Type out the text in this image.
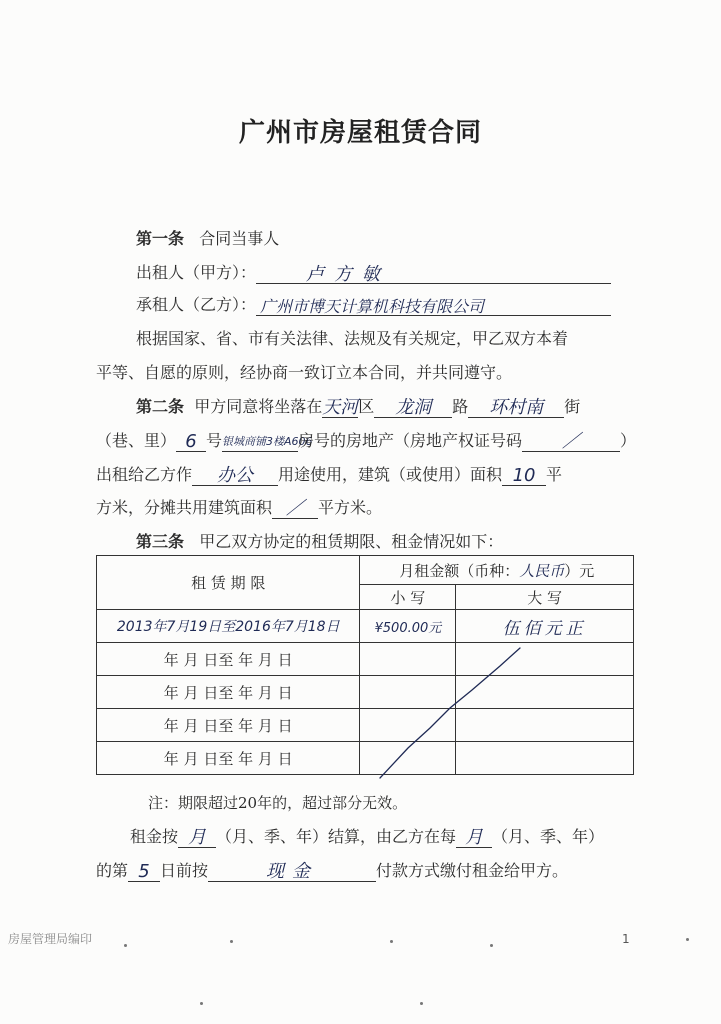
广州市房屋租赁合同
第一条 合同当事人
出租人（甲方）：	卢方敏
承租人（乙方）： 广州市博天计算机科技有限公司
根据国家、省、市有关法律、法规及有关规定，甲乙双方本着
平等、自愿的原则，经协商一致订立本合同，并共同遵守。
第二条 甲方同意将坐落在天河区 龙洞 路 环村南 街
（巷、里） 6 号银城商铺3楼A606房号的房地产（房地产权证号码 ／	）
出租给乙方作 办公 用途使用，建筑（或使用）面积 10 平
方米，分摊共用建筑面积 ／ 平方米。
第三条 甲乙双方协定的租赁期限、租金情况如下：
租 赁 期 限	月租金额（币种：人民币）元	
	小 写	大 写
2013年7月19日至2016年7月18日	¥500.00元	伍佰元正
年 月 日至 年 月 日		
年 月 日至 年 月 日		
年 月 日至 年 月 日		
年 月 日至 年 月 日		
注：期限超过20年的，超过部分无效。
租金按 月 （月、季、年）结算，由乙方在每 月 （月、季、年）
的第 5 日前按	现金	付款方式缴付租金给甲方。
房屋管理局编印	1
